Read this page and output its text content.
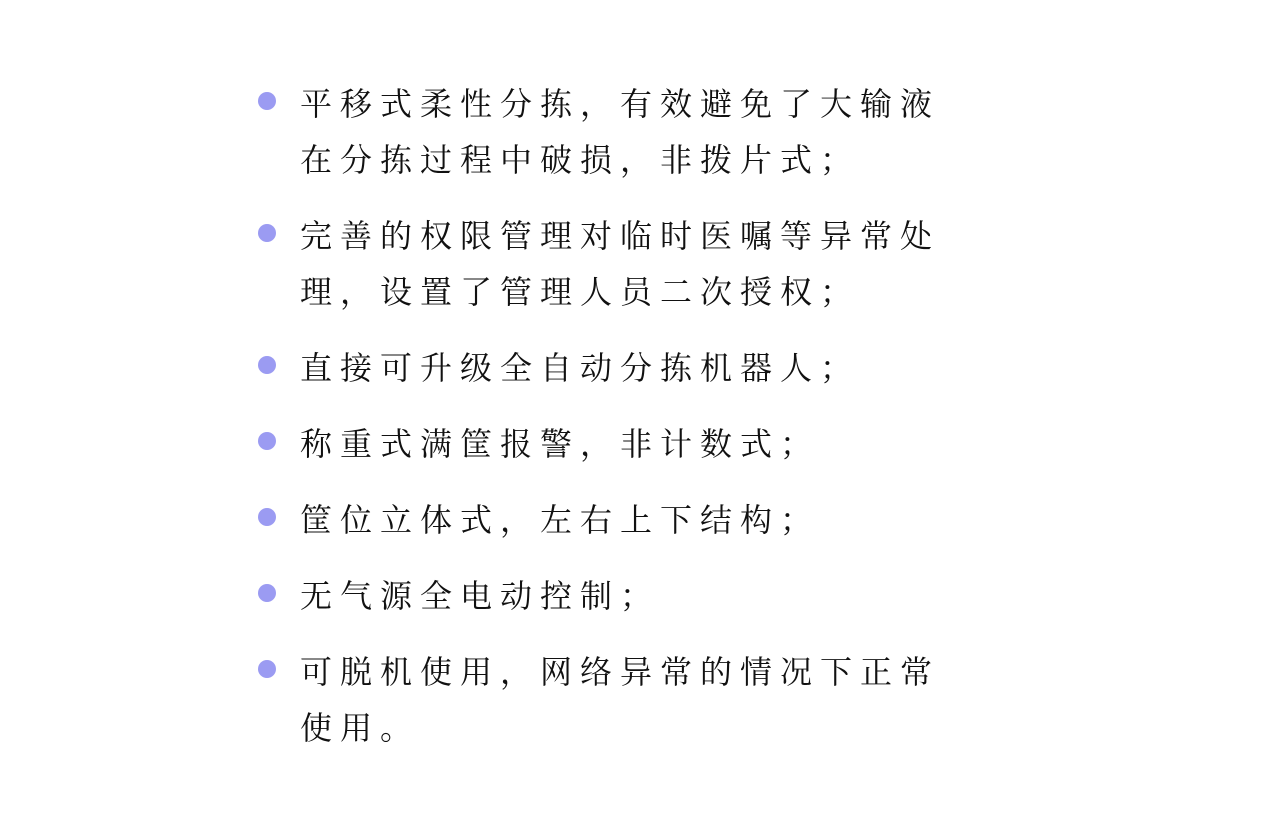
平移式柔性分拣，有效避免了大输液在分拣过程中破损，非拨片式；
完善的权限管理对临时医嘱等异常处理，设置了管理人员二次授权；
直接可升级全自动分拣机器人；
称重式满筐报警，非计数式；
筐位立体式，左右上下结构；
无气源全电动控制；
可脱机使用，网络异常的情况下正常使用。
